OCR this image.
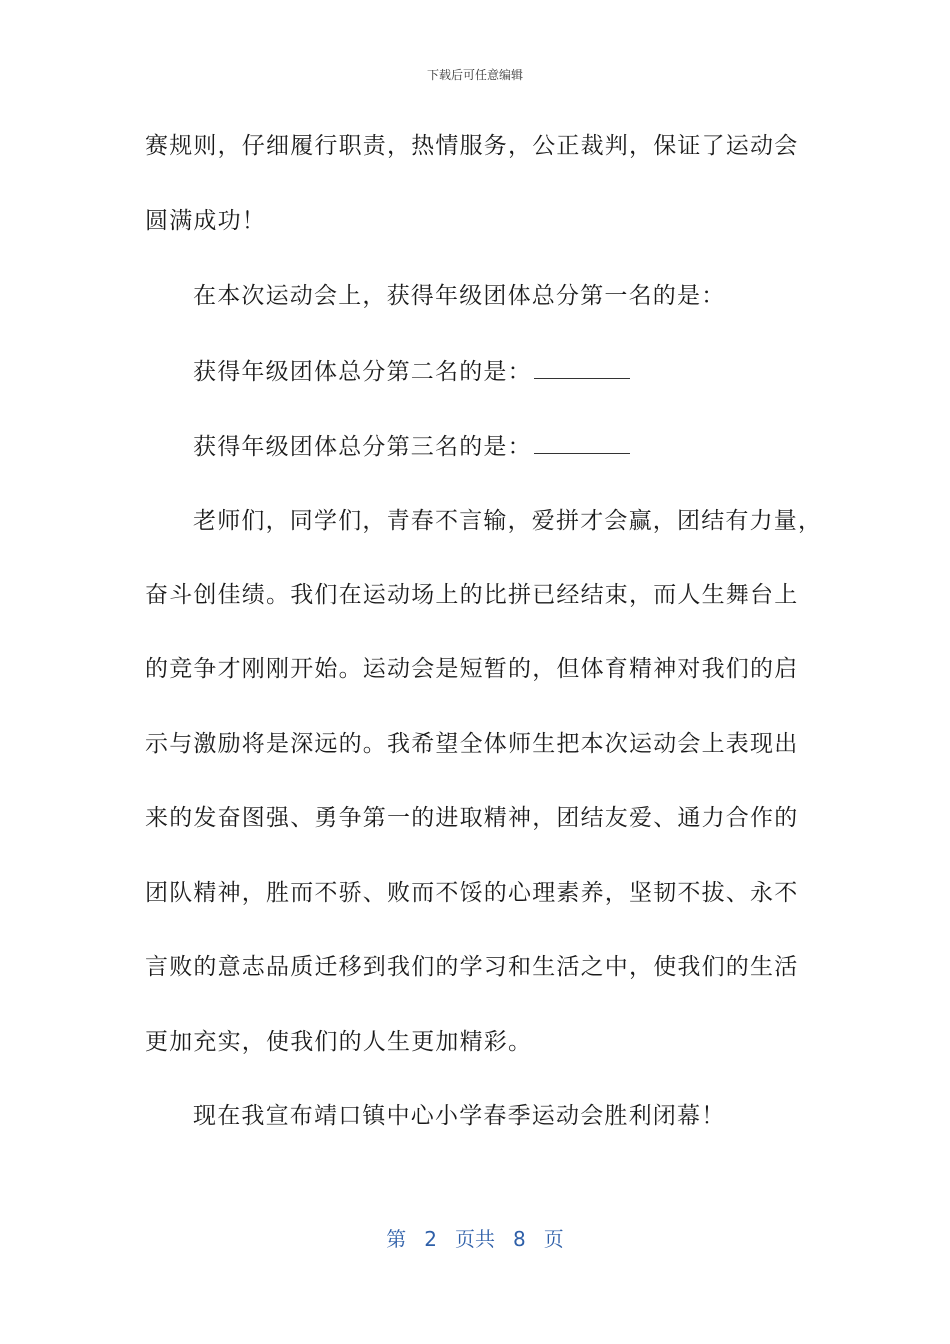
下载后可任意编辑
赛规则，仔细履行职责，热情服务，公正裁判，保证了运动会
圆满成功！
在本次运动会上，获得年级团体总分第一名的是：
获得年级团体总分第二名的是：
获得年级团体总分第三名的是：
老师们，同学们，青春不言输，爱拼才会赢，团结有力量，
奋斗创佳绩。我们在运动场上的比拼已经结束，而人生舞台上
的竞争才刚刚开始。运动会是短暂的，但体育精神对我们的启
示与激励将是深远的。我希望全体师生把本次运动会上表现出
来的发奋图强、勇争第一的进取精神，团结友爱、通力合作的
团队精神，胜而不骄、败而不馁的心理素养，坚韧不拔、永不
言败的意志品质迁移到我们的学习和生活之中，使我们的生活
更加充实，使我们的人生更加精彩。
现在我宣布靖口镇中心小学春季运动会胜利闭幕！
第 2 页共 8 页
